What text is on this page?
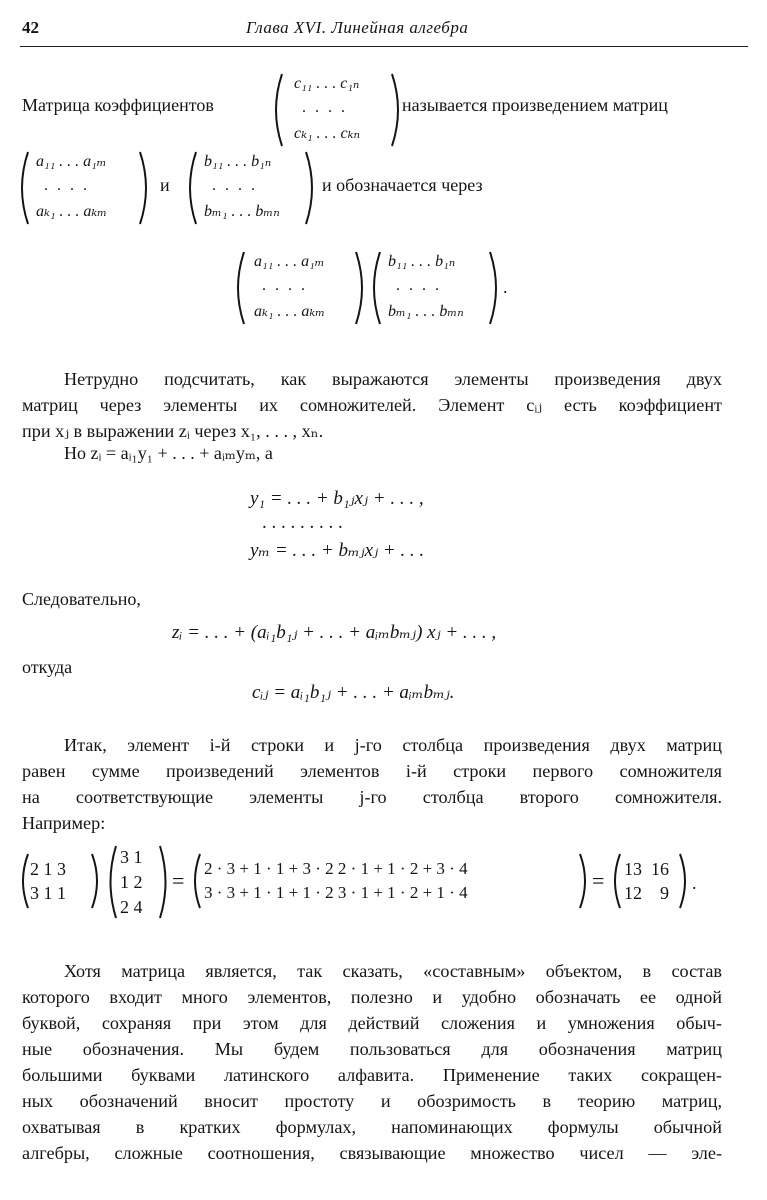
42	Глава XVI. Линейная алгебра
Матрица коэффициентов
c₁₁ . . . c₁ₙ
....
cₖ₁ . . . cₖₙ
называется произведением матриц
a₁₁ . . . a₁ₘ
....
aₖ₁ . . . aₖₘ
и
b₁₁ . . . b₁ₙ
....
bₘ₁ . . . bₘₙ
и обозначается через
a₁₁ . . . a₁ₘ
....
aₖ₁ . . . aₖₘ
b₁₁ . . . b₁ₙ
....
bₘ₁ . . . bₘₙ
.
Нетрудно подсчитать, как выражаются элементы произведения двух
матриц через элементы их сомножителей. Элемент cᵢⱼ есть коэффициент
при xⱼ в выражении zᵢ через x₁, . . . , xₙ.
Но zᵢ = aᵢ₁y₁ + . . . + aᵢₘyₘ, а
y₁ = . . . + b₁ⱼxⱼ + . . . ,
. . . . . . . . .
yₘ = . . . + bₘⱼxⱼ + . . .
Следовательно,
zᵢ = . . . + (aᵢ₁b₁ⱼ + . . . + aᵢₘbₘⱼ) xⱼ + . . . ,
откуда
cᵢⱼ = aᵢ₁b₁ⱼ + . . . + aᵢₘbₘⱼ.
Итак, элемент i-й строки и j-го столбца произведения двух матриц
равен сумме произведений элементов i-й строки первого сомножителя
на соответствующие элементы j-го столбца второго сомножителя.
Например:
2 1 3
3 1 1
3 1
1 2
2 4
= 2 · 3 + 1 · 1 + 3 · 2 2 · 1 + 1 · 2 + 3 · 4
3 · 3 + 1 · 1 + 1 · 2 3 · 1 + 1 · 2 + 1 · 4	= 13  16
12    9 .
Хотя матрица является, так сказать, «составным» объектом, в состав
которого входит много элементов, полезно и удобно обозначать ее одной
буквой, сохраняя при этом для действий сложения и умножения обыч-
ные обозначения. Мы будем пользоваться для обозначения матриц
большими буквами латинского алфавита. Применение таких сокращен-
ных обозначений вносит простоту и обозримость в теорию матриц,
охватывая в кратких формулах, напоминающих формулы обычной
алгебры, сложные соотношения, связывающие множество чисел — эле-
